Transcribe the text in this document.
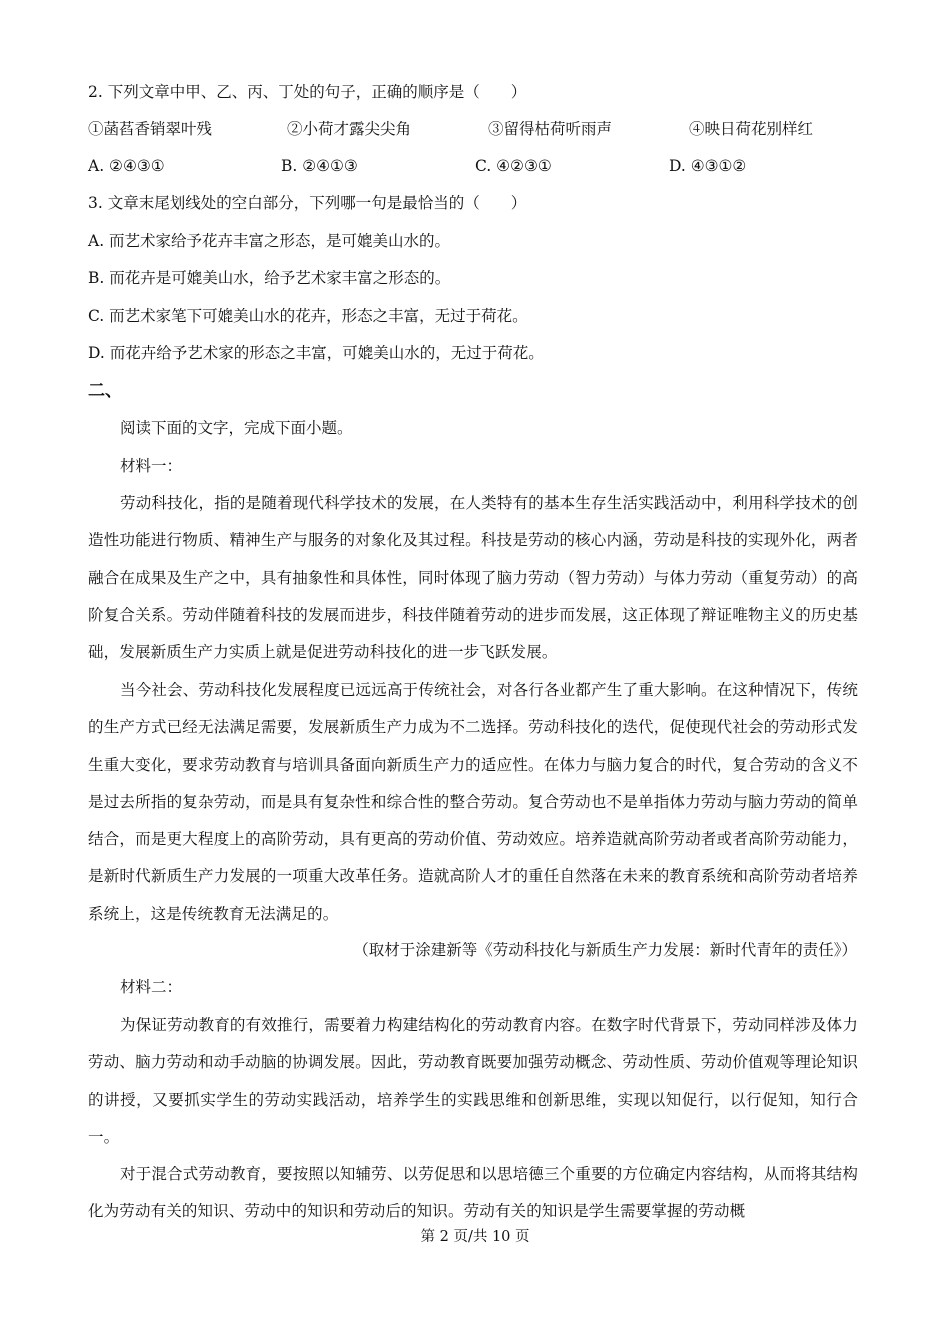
2. 下列文章中甲、乙、丙、丁处的句子，正确的顺序是（　　）
①菡萏香销翠叶残	②小荷才露尖尖角	③留得枯荷听雨声	④映日荷花别样红
A. ②④③①	B. ②④①③	C. ④②③①	D. ④③①②
3. 文章末尾划线处的空白部分，下列哪一句是最恰当的（　　）
A. 而艺术家给予花卉丰富之形态，是可媲美山水的。
B. 而花卉是可媲美山水，给予艺术家丰富之形态的。
C. 而艺术家笔下可媲美山水的花卉，形态之丰富，无过于荷花。
D. 而花卉给予艺术家的形态之丰富，可媲美山水的，无过于荷花。
二、
阅读下面的文字，完成下面小题。
材料一：
劳动科技化，指的是随着现代科学技术的发展，在人类特有的基本生存生活实践活动中，利用科学技术的创造性功能进行物质、精神生产与服务的对象化及其过程。科技是劳动的核心内涵，劳动是科技的实现外化，两者融合在成果及生产之中，具有抽象性和具体性，同时体现了脑力劳动（智力劳动）与体力劳动（重复劳动）的高阶复合关系。劳动伴随着科技的发展而进步，科技伴随着劳动的进步而发展，这正体现了辩证唯物主义的历史基础，发展新质生产力实质上就是促进劳动科技化的进一步飞跃发展。
当今社会、劳动科技化发展程度已远远高于传统社会，对各行各业都产生了重大影响。在这种情况下，传统的生产方式已经无法满足需要，发展新质生产力成为不二选择。劳动科技化的迭代，促使现代社会的劳动形式发生重大变化，要求劳动教育与培训具备面向新质生产力的适应性。在体力与脑力复合的时代，复合劳动的含义不是过去所指的复杂劳动，而是具有复杂性和综合性的整合劳动。复合劳动也不是单指体力劳动与脑力劳动的简单结合，而是更大程度上的高阶劳动，具有更高的劳动价值、劳动效应。培养造就高阶劳动者或者高阶劳动能力，是新时代新质生产力发展的一项重大改革任务。造就高阶人才的重任自然落在未来的教育系统和高阶劳动者培养系统上，这是传统教育无法满足的。
（取材于涂建新等《劳动科技化与新质生产力发展：新时代青年的责任》）
材料二：
为保证劳动教育的有效推行，需要着力构建结构化的劳动教育内容。在数字时代背景下，劳动同样涉及体力劳动、脑力劳动和动手动脑的协调发展。因此，劳动教育既要加强劳动概念、劳动性质、劳动价值观等理论知识的讲授，又要抓实学生的劳动实践活动，培养学生的实践思维和创新思维，实现以知促行，以行促知，知行合一。
对于混合式劳动教育，要按照以知辅劳、以劳促思和以思培德三个重要的方位确定内容结构，从而将其结构化为劳动有关的知识、劳动中的知识和劳动后的知识。劳动有关的知识是学生需要掌握的劳动概
第 2 页/共 10 页
